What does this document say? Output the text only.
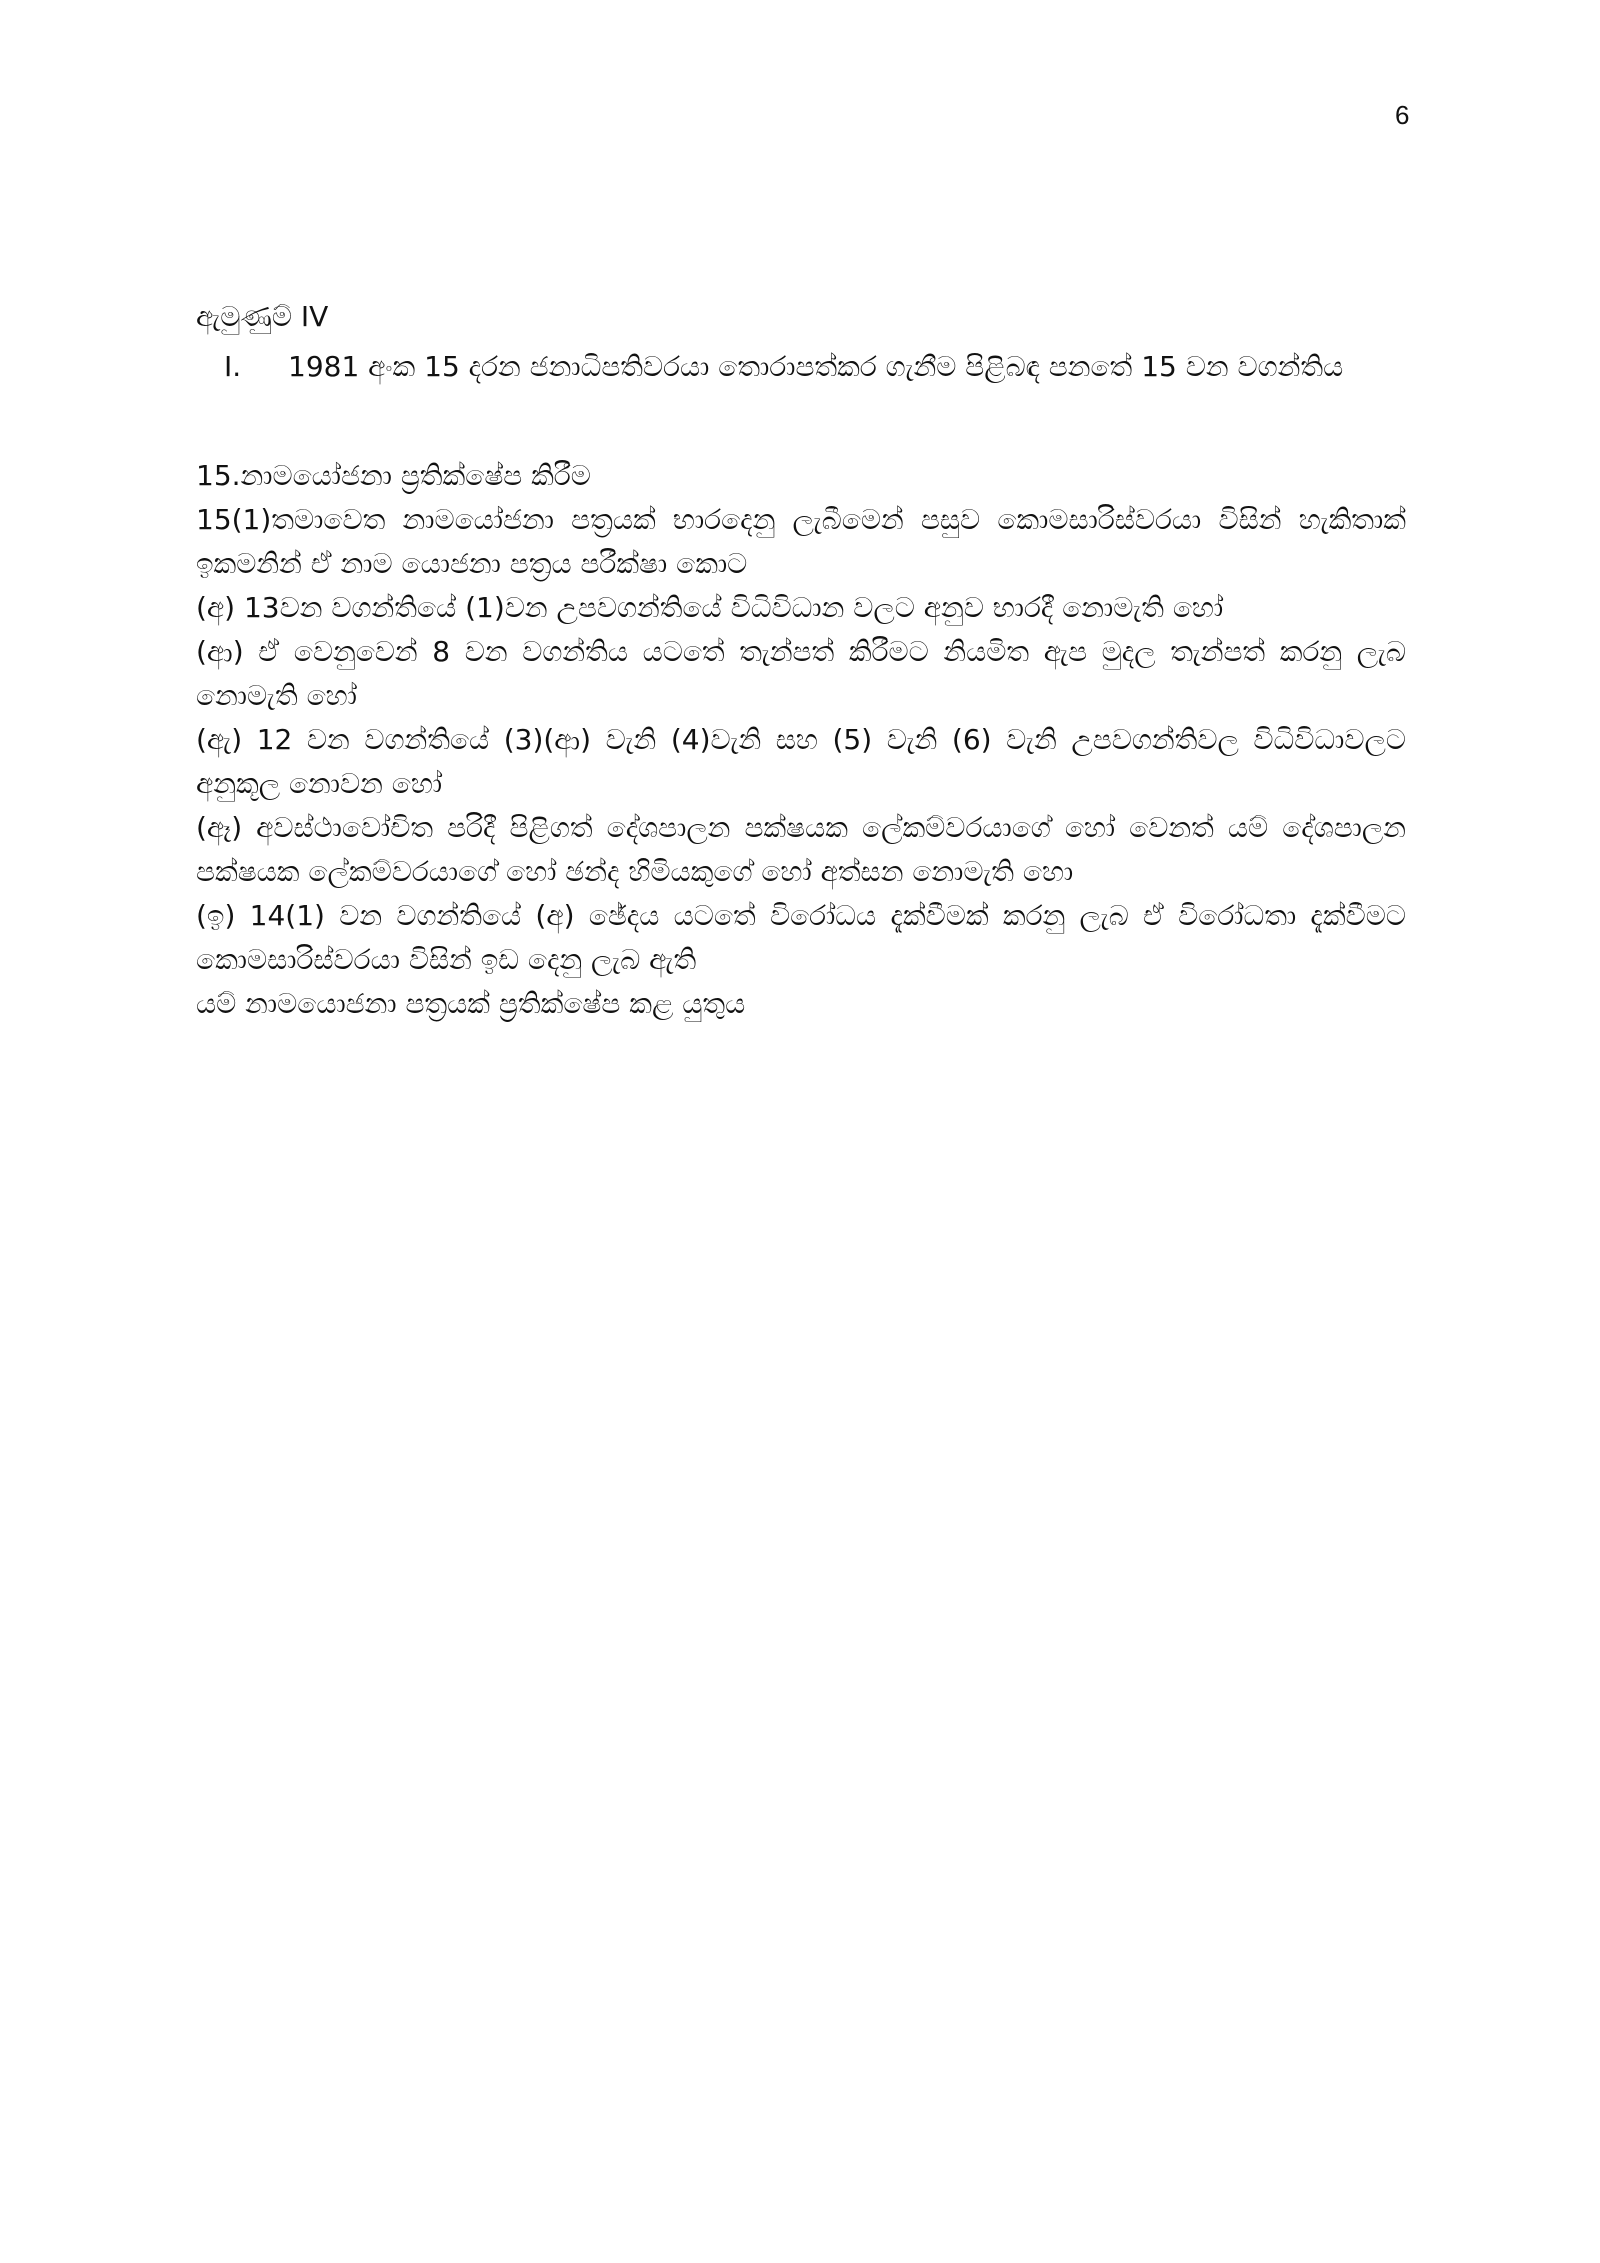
6
ඇමුණුම් IV
I.	1981 අංක 15 දරන ජනාධිපතිවරයා තොරාපත්කර ගැනීම පිළිබඳ පනතේ 15 වන වගන්තිය

15.නාමයෝජනා ප්‍රතික්ෂේප කිරීම

15(1)තමාවෙත නාමයෝජනා පත්‍රයක් භාරදෙනු ලැබීමෙන් පසුව කොමසාරිස්වරයා විසින් හැකිතාක් ඉකමනින් ඒ නාම යොජනා පත්‍රය පරීක්ෂා කොට

(අ) 13වන වගන්තියේ (1)වන උපවගන්තියේ විධිවිධාන වලට අනුව භාරදී නොමැති හෝ

(ආ) ඒ වෙනුවෙන් 8 වන වගන්තිය යටතේ තැන්පත් කිරීමට නියමිත ඇප මුදල තැන්පත් කරනු ලැබ නොමැති හෝ

(ඇ) 12 වන වගන්තියේ (3)(ආ) වැනි (4)වැනි සහ (5) වැනි (6) වැනි උපවගන්තිවල විධිවිධාවලට අනුකූල නොවන හෝ

(ඈ) අවස්ථාවෝචිත පරිදී පිළිගත් දේශපාලන පක්ෂයක ලේකම්වරයාගේ හෝ වෙනත් යම් දේශපාලන පක්ෂයක ලේකම්වරයාගේ හෝ ඡන්ද හිමියකුගේ හෝ අත්සන නොමැති හො

(ඉ) 14(1) වන වගන්තියේ (අ) ඡේදය යටතේ විරෝධය දැක්වීමක් කරනු ලැබ ඒ විරෝධතා දැක්වීමට කොමසාරිස්වරයා විසින් ඉඩ දෙනු ලැබ ඇති

යම් නාමයොජනා පත්‍රයක් ප්‍රතික්ෂේප කළ යුතුය
